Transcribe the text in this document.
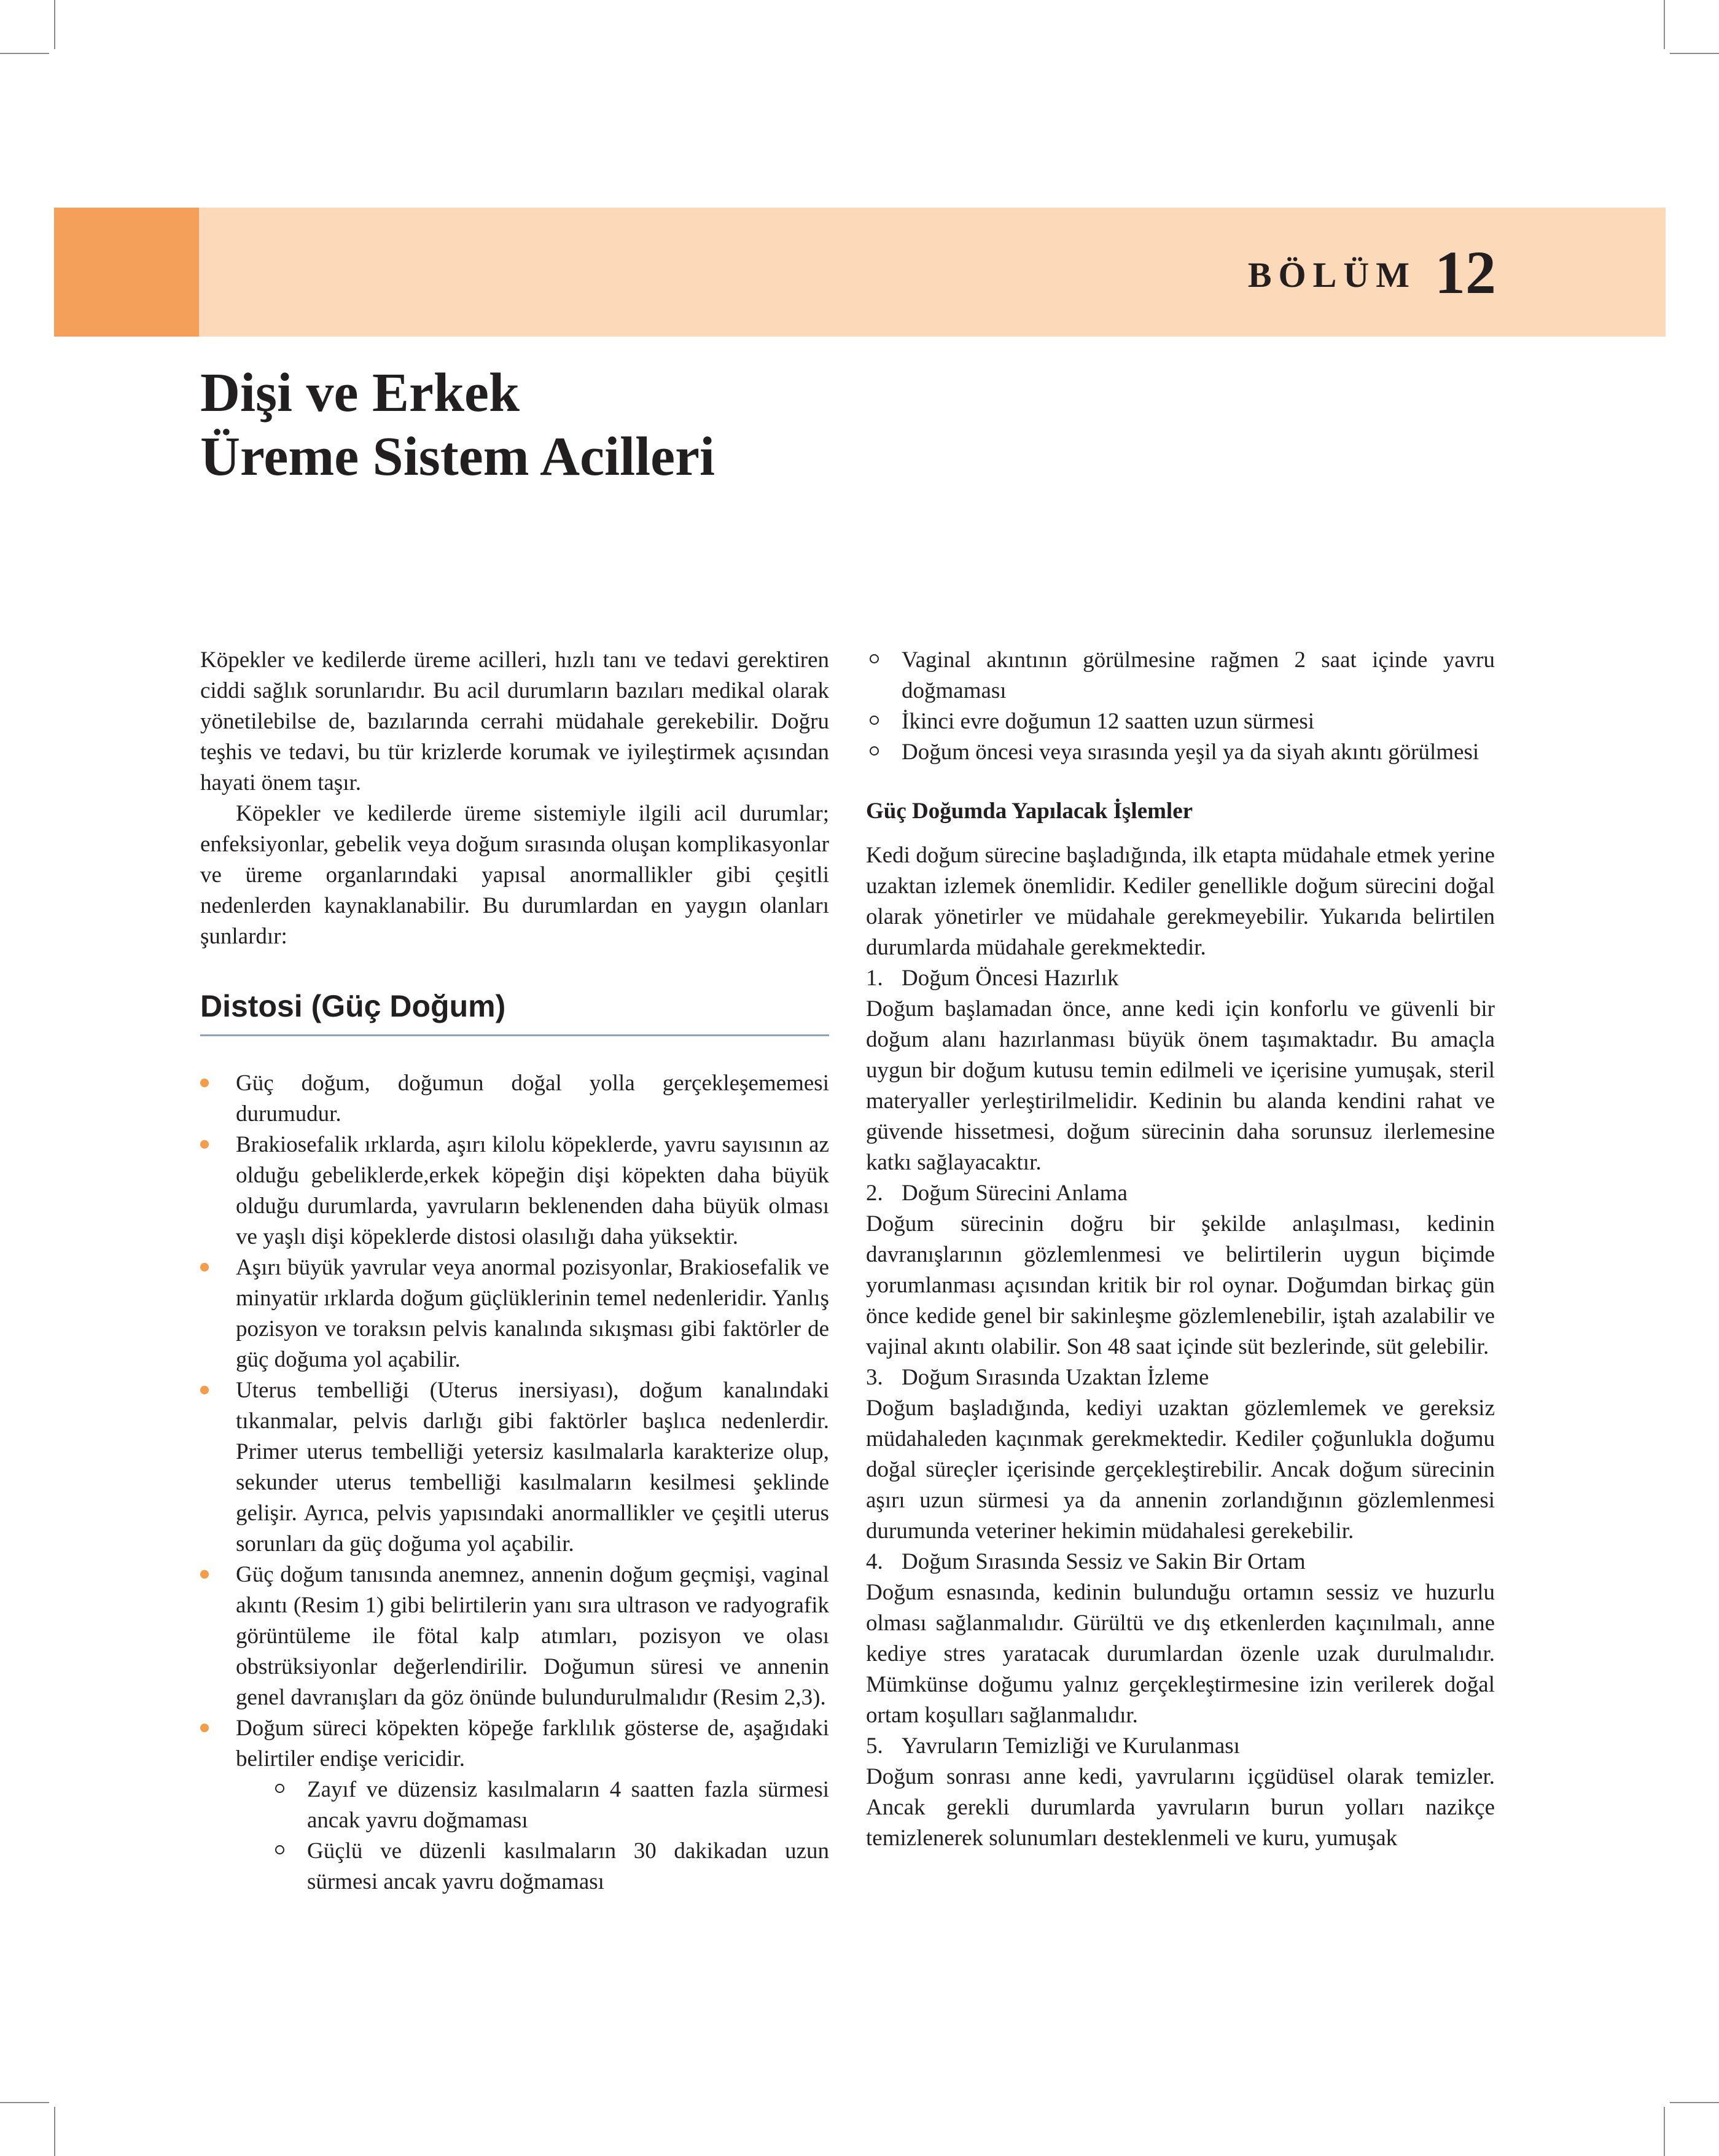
BÖLÜM 12
Dişi ve Erkek
Üreme Sistem Acilleri

Köpekler ve kedilerde üreme acilleri, hızlı tanı ve tedavi gerektiren ciddi sağlık sorunlarıdır. Bu acil durumların bazıları medikal olarak yönetilebilse de, bazılarında cerrahi müdahale gerekebilir. Doğru teşhis ve tedavi, bu tür krizlerde korumak ve iyileştirmek açısından hayati önem taşır.

Köpekler ve kedilerde üreme sistemiyle ilgili acil durumlar; enfeksiyonlar, gebelik veya doğum sırasında oluşan komplikasyonlar ve üreme organlarındaki yapısal anormallikler gibi çeşitli nedenlerden kaynaklanabilir. Bu durumlardan en yaygın olanları şunlardır:

Distosi (Güç Doğum)
Güç doğum, doğumun doğal yolla gerçekleşememesi durumudur.
Brakiosefalik ırklarda, aşırı kilolu köpeklerde, yavru sayısının az olduğu gebeliklerde,erkek köpeğin dişi köpekten daha büyük olduğu durumlarda, yavruların beklenenden daha büyük olması ve yaşlı dişi köpeklerde distosi olasılığı daha yüksektir.
Aşırı büyük yavrular veya anormal pozisyonlar, Brakiosefalik ve minyatür ırklarda doğum güçlüklerinin temel nedenleridir. Yanlış pozisyon ve toraksın pelvis kanalında sıkışması gibi faktörler de güç doğuma yol açabilir.
Uterus tembelliği (Uterus inersiyası), doğum kanalındaki tıkanmalar, pelvis darlığı gibi faktörler başlıca nedenlerdir. Primer uterus tembelliği yetersiz kasılmalarla karakterize olup, sekunder uterus tembelliği kasılmaların kesilmesi şeklinde gelişir. Ayrıca, pelvis yapısındaki anormallikler ve çeşitli uterus sorunları da güç doğuma yol açabilir.
Güç doğum tanısında anemnez, annenin doğum geçmişi, vaginal akıntı (Resim 1) gibi belirtilerin yanı sıra ultrason ve radyografik görüntüleme ile fötal kalp atımları, pozisyon ve olası obstrüksiyonlar değerlendirilir. Doğumun süresi ve annenin genel davranışları da göz önünde bulundurulmalıdır (Resim 2,3).
Doğum süreci köpekten köpeğe farklılık gösterse de, aşağıdaki belirtiler endişe vericidir.
Zayıf ve düzensiz kasılmaların 4 saatten fazla sürmesi ancak yavru doğmaması
Güçlü ve düzenli kasılmaların 30 dakikadan uzun sürmesi ancak yavru doğmaması
Vaginal akıntının görülmesine rağmen 2 saat içinde yavru doğmaması
İkinci evre doğumun 12 saatten uzun sürmesi
Doğum öncesi veya sırasında yeşil ya da siyah akıntı görülmesi
Güç Doğumda Yapılacak İşlemler

Kedi doğum sürecine başladığında, ilk etapta müdahale etmek yerine uzaktan izlemek önemlidir. Kediler genellikle doğum sürecini doğal olarak yönetirler ve müdahale gerekmeyebilir. Yukarıda belirtilen durumlarda müdahale gerekmektedir.

1. Doğum Öncesi Hazırlık

Doğum başlamadan önce, anne kedi için konforlu ve güvenli bir doğum alanı hazırlanması büyük önem taşımaktadır. Bu amaçla uygun bir doğum kutusu temin edilmeli ve içerisine yumuşak, steril materyaller yerleştirilmelidir. Kedinin bu alanda kendini rahat ve güvende hissetmesi, doğum sürecinin daha sorunsuz ilerlemesine katkı sağlayacaktır.

2. Doğum Sürecini Anlama

Doğum sürecinin doğru bir şekilde anlaşılması, kedinin davranışlarının gözlemlenmesi ve belirtilerin uygun biçimde yorumlanması açısından kritik bir rol oynar. Doğumdan birkaç gün önce kedide genel bir sakinleşme gözlemlenebilir, iştah azalabilir ve vajinal akıntı olabilir. Son 48 saat içinde süt bezlerinde, süt gelebilir.

3. Doğum Sırasında Uzaktan İzleme

Doğum başladığında, kediyi uzaktan gözlemlemek ve gereksiz müdahaleden kaçınmak gerekmektedir. Kediler çoğunlukla doğumu doğal süreçler içerisinde gerçekleştirebilir. Ancak doğum sürecinin aşırı uzun sürmesi ya da annenin zorlandığının gözlemlenmesi durumunda veteriner hekimin müdahalesi gerekebilir.

4. Doğum Sırasında Sessiz ve Sakin Bir Ortam

Doğum esnasında, kedinin bulunduğu ortamın sessiz ve huzurlu olması sağlanmalıdır. Gürültü ve dış etkenlerden kaçınılmalı, anne kediye stres yaratacak durumlardan özenle uzak durulmalıdır. Mümkünse doğumu yalnız gerçekleştirmesine izin verilerek doğal ortam koşulları sağlanmalıdır.

5. Yavruların Temizliği ve Kurulanması

Doğum sonrası anne kedi, yavrularını içgüdüsel olarak temizler. Ancak gerekli durumlarda yavruların burun yolları nazikçe temizlenerek solunumları desteklenmeli ve kuru, yumuşak
